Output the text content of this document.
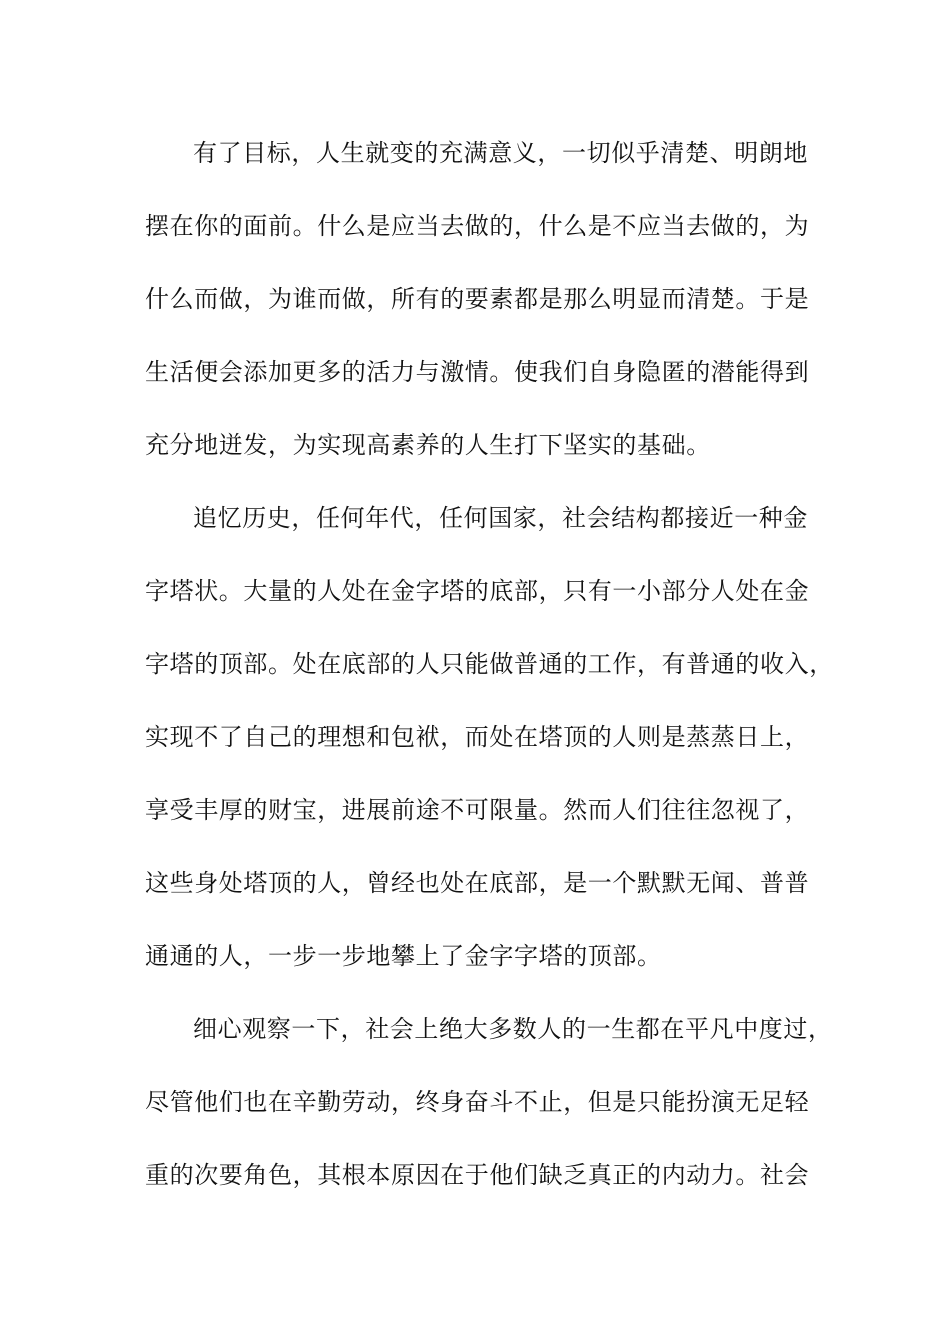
有了目标，人生就变的充满意义，一切似乎清楚、明朗地
摆在你的面前。什么是应当去做的，什么是不应当去做的，为
什么而做，为谁而做，所有的要素都是那么明显而清楚。于是
生活便会添加更多的活力与激情。使我们自身隐匿的潜能得到
充分地迸发，为实现高素养的人生打下坚实的基础。
追忆历史，任何年代，任何国家，社会结构都接近一种金
字塔状。大量的人处在金字塔的底部，只有一小部分人处在金
字塔的顶部。处在底部的人只能做普通的工作，有普通的收入，
实现不了自己的理想和包袱，而处在塔顶的人则是蒸蒸日上，
享受丰厚的财宝，进展前途不可限量。然而人们往往忽视了，
这些身处塔顶的人，曾经也处在底部，是一个默默无闻、普普
通通的人，一步一步地攀上了金字字塔的顶部。
细心观察一下，社会上绝大多数人的一生都在平凡中度过，
尽管他们也在辛勤劳动，终身奋斗不止，但是只能扮演无足轻
重的次要角色，其根本原因在于他们缺乏真正的内动力。社会
